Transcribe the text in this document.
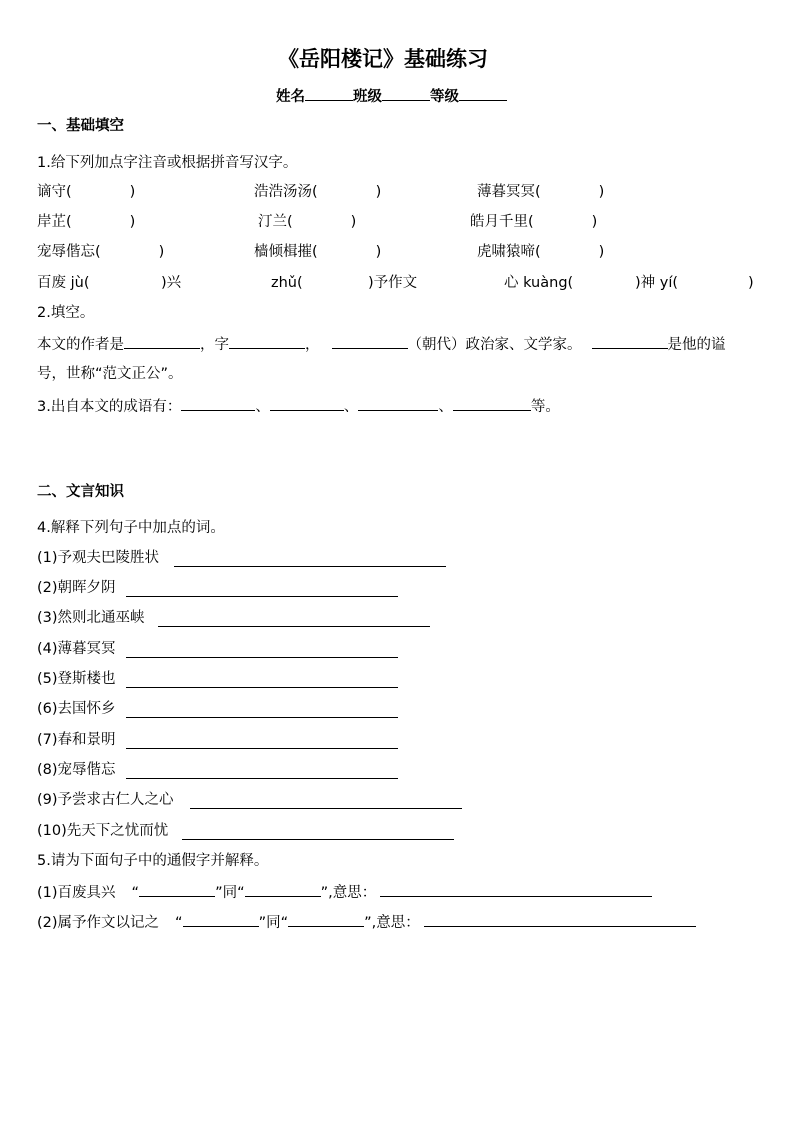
《岳阳楼记》基础练习
姓名	班级	等级
一、基础填空
1.给下列加点字注音或根据拼音写汉字。
谪守(　　　　)	浩浩汤汤(　　　　)	薄暮冥冥(　　　　)
岸芷(　　　　)	汀兰(　　　　)	皓月千里(　　　　)
宠辱偕忘(　　　　)	樯倾楫摧(　　　　)	虎啸猿啼(　　　　)
百废 jù(	)兴	zhǔ(	)予作文	心 kuàng(	)神 yí(	)
2.填空。
本文的作者是	，字	，	（朝代）政治家、文学家。	是他的谥
号，世称“范文正公”。
3.出自本文的成语有：	、	、	、	等。
二、文言知识
4.解释下列句子中加点的词。
(1)予观夫巴陵胜状
(2)朝晖夕阴
(3)然则北通巫峡
(4)薄暮冥冥
(5)登斯楼也
(6)去国怀乡
(7)春和景明
(8)宠辱偕忘
(9)予尝求古仁人之心
(10)先天下之忧而忧
5.请为下面句子中的通假字并解释。
(1)百废具兴 “	”同“	”,意思：
(2)属予作文以记之 “	”同“	”,意思：
